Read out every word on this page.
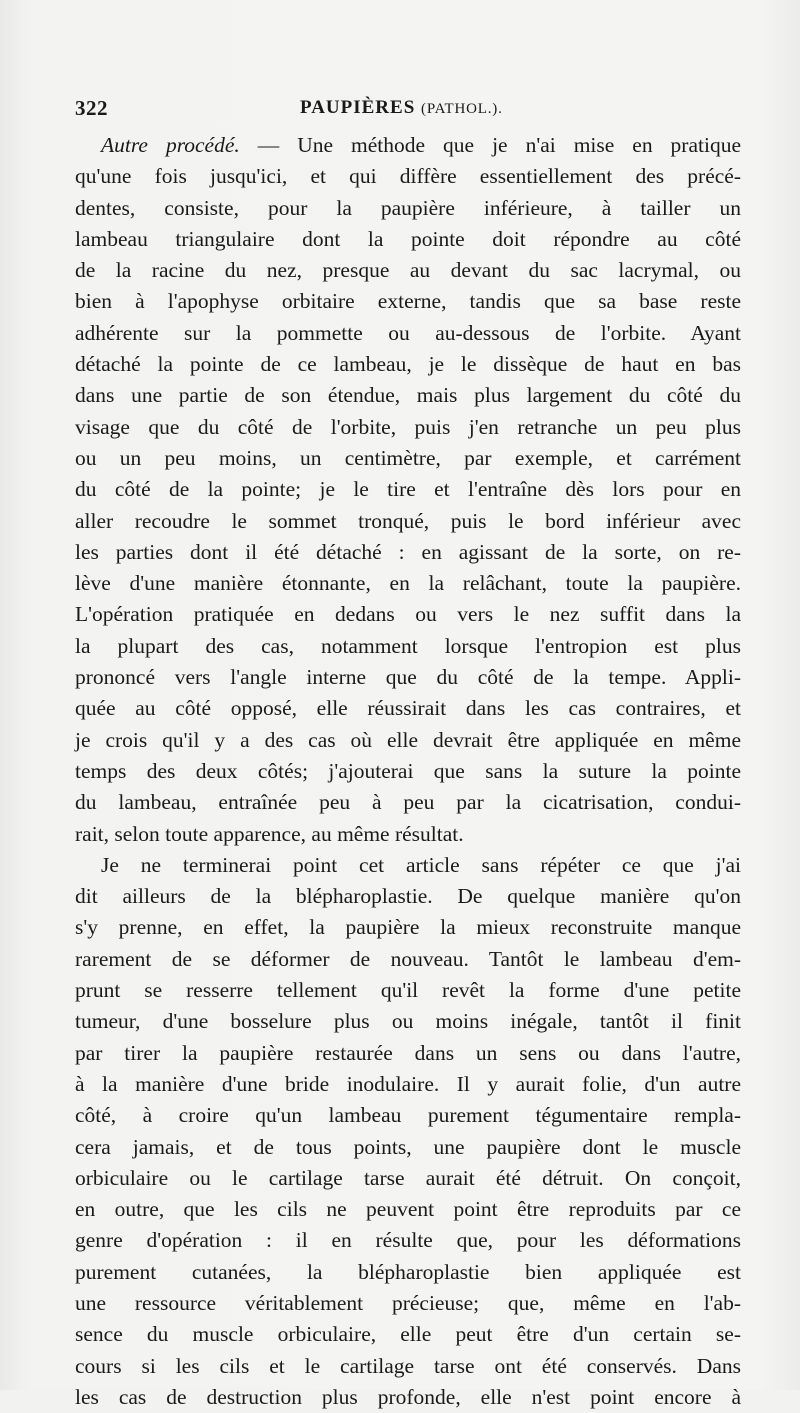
322	PAUPIÈRES (PATHOL.).
Autre procédé. — Une méthode que je n'ai mise en pratique
qu'une fois jusqu'ici, et qui diffère essentiellement des précé-
dentes, consiste, pour la paupière inférieure, à tailler un
lambeau triangulaire dont la pointe doit répondre au côté
de la racine du nez, presque au devant du sac lacrymal, ou
bien à l'apophyse orbitaire externe, tandis que sa base reste
adhérente sur la pommette ou au-dessous de l'orbite. Ayant
détaché la pointe de ce lambeau, je le dissèque de haut en bas
dans une partie de son étendue, mais plus largement du côté du
visage que du côté de l'orbite, puis j'en retranche un peu plus
ou un peu moins, un centimètre, par exemple, et carrément
du côté de la pointe; je le tire et l'entraîne dès lors pour en
aller recoudre le sommet tronqué, puis le bord inférieur avec
les parties dont il été détaché : en agissant de la sorte, on re-
lève d'une manière étonnante, en la relâchant, toute la paupière.
L'opération pratiquée en dedans ou vers le nez suffit dans la
la plupart des cas, notamment lorsque l'entropion est plus
prononcé vers l'angle interne que du côté de la tempe. Appli-
quée au côté opposé, elle réussirait dans les cas contraires, et
je crois qu'il y a des cas où elle devrait être appliquée en même
temps des deux côtés; j'ajouterai que sans la suture la pointe
du lambeau, entraînée peu à peu par la cicatrisation, condui-
rait, selon toute apparence, au même résultat.
Je ne terminerai point cet article sans répéter ce que j'ai
dit ailleurs de la blépharoplastie. De quelque manière qu'on
s'y prenne, en effet, la paupière la mieux reconstruite manque
rarement de se déformer de nouveau. Tantôt le lambeau d'em-
prunt se resserre tellement qu'il revêt la forme d'une petite
tumeur, d'une bosselure plus ou moins inégale, tantôt il finit
par tirer la paupière restaurée dans un sens ou dans l'autre,
à la manière d'une bride inodulaire. Il y aurait folie, d'un autre
côté, à croire qu'un lambeau purement tégumentaire rempla-
cera jamais, et de tous points, une paupière dont le muscle
orbiculaire ou le cartilage tarse aurait été détruit. On conçoit,
en outre, que les cils ne peuvent point être reproduits par ce
genre d'opération : il en résulte que, pour les déformations
purement cutanées, la blépharoplastie bien appliquée est
une ressource véritablement précieuse; que, même en l'ab-
sence du muscle orbiculaire, elle peut être d'un certain se-
cours si les cils et le cartilage tarse ont été conservés. Dans
les cas de destruction plus profonde, elle n'est point encore à
